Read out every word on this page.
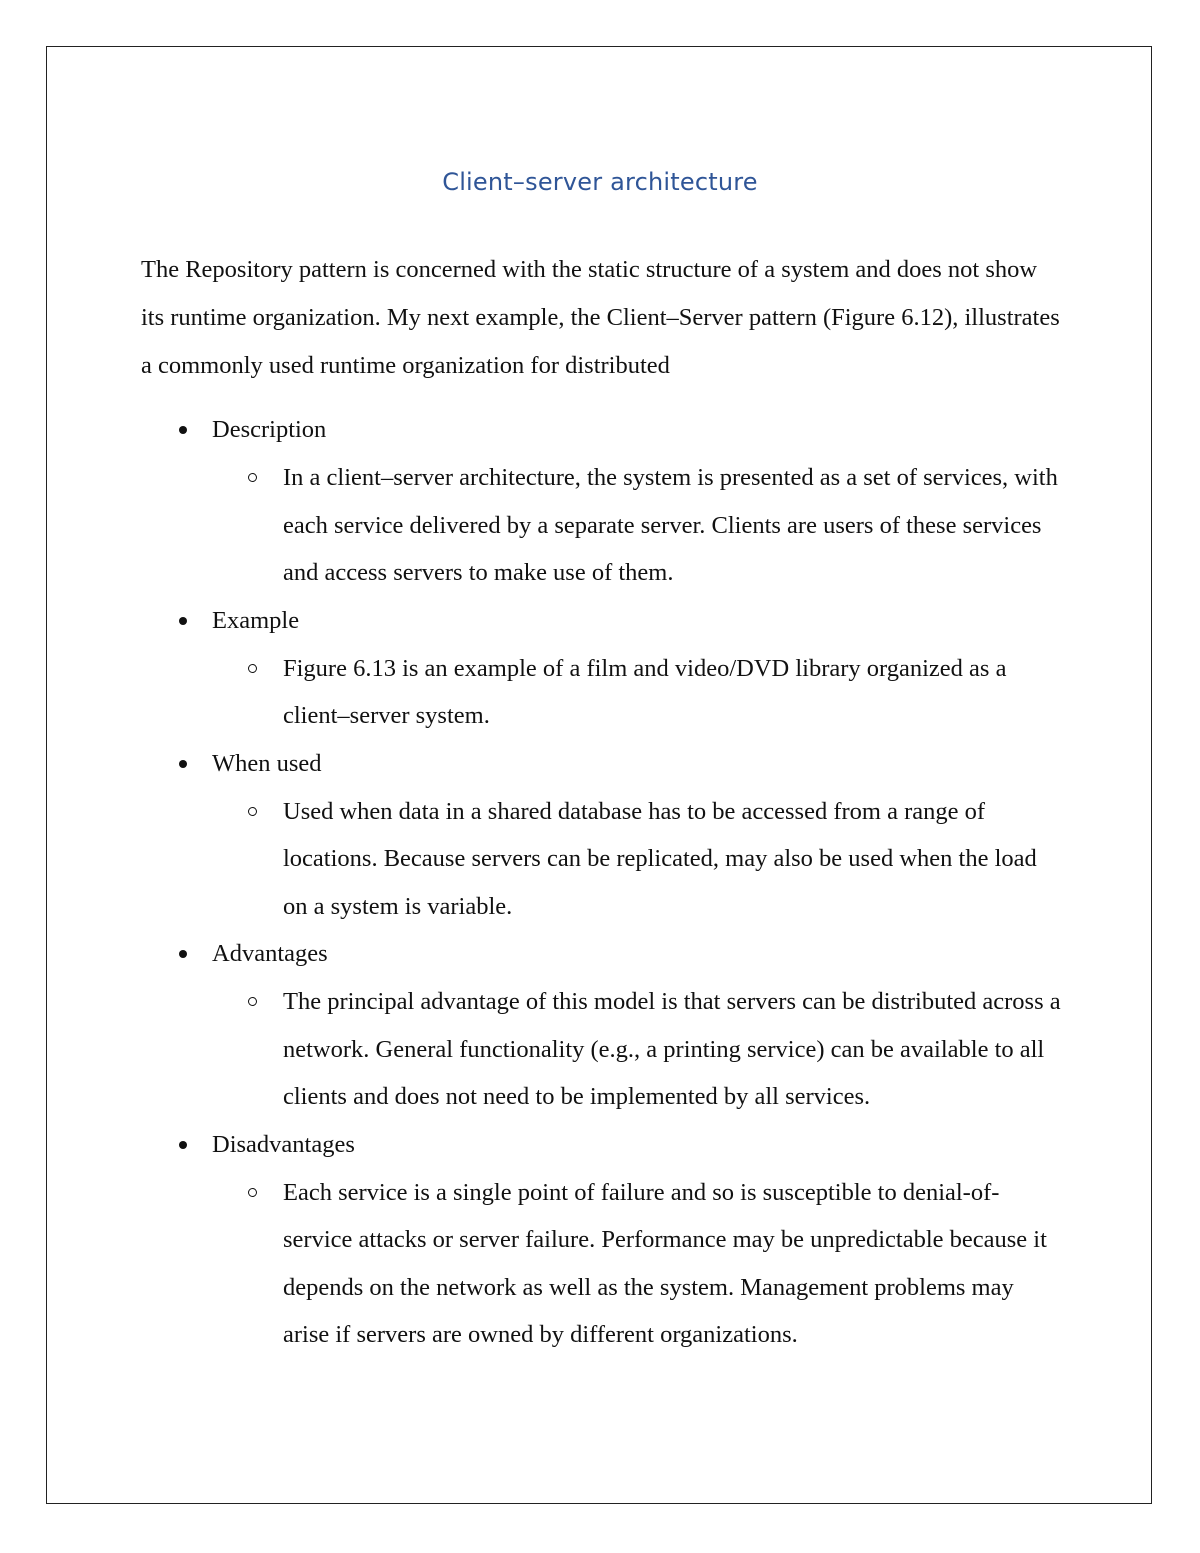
Client–server architecture

The Repository pattern is concerned with the static structure of a system and does not show its runtime organization. My next example, the Client–Server pattern (Figure 6.12), illustrates a commonly used runtime organization for distributed

Description
In a client–server architecture, the system is presented as a set of services, with each service delivered by a separate server. Clients are users of these services and access servers to make use of them.
Example
Figure 6.13 is an example of a film and video/DVD library organized as a client–server system.
When used
Used when data in a shared database has to be accessed from a range of locations. Because servers can be replicated, may also be used when the load on a system is variable.
Advantages
The principal advantage of this model is that servers can be distributed across a network. General functionality (e.g., a printing service) can be available to all clients and does not need to be implemented by all services.
Disadvantages
Each service is a single point of failure and so is susceptible to denial-of-service attacks or server failure. Performance may be unpredictable because it depends on the network as well as the system. Management problems may arise if servers are owned by different organizations.
